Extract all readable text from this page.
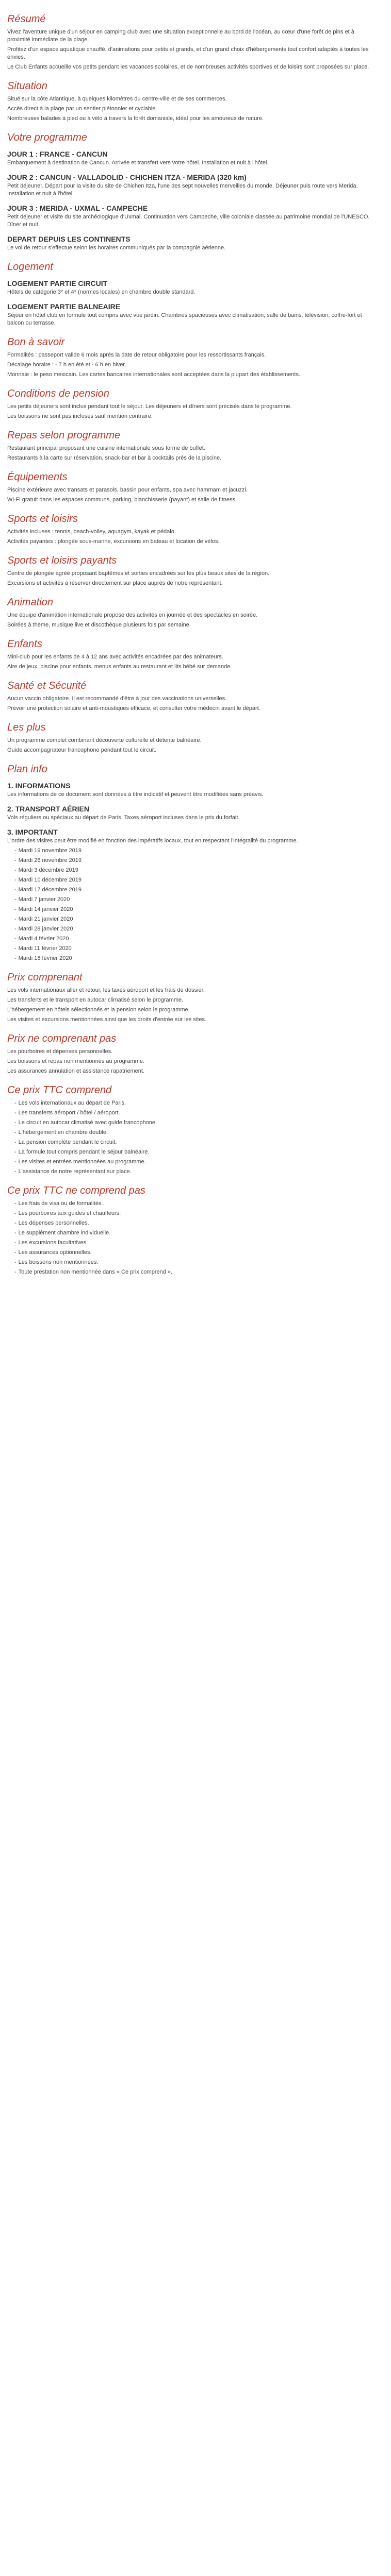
Résumé

Vivez l'aventure unique d'un séjour en camping club avec une situation exceptionnelle au bord de l'océan, au cœur d'une forêt de pins et à proximité immédiate de la plage.

Profitez d'un espace aquatique chauffé, d'animations pour petits et grands, et d'un grand choix d'hébergements tout confort adaptés à toutes les envies.

Le Club Enfants accueille vos petits pendant les vacances scolaires, et de nombreuses activités sportives et de loisirs sont proposées sur place.

Situation

Situé sur la côte Atlantique, à quelques kilomètres du centre-ville et de ses commerces.

Accès direct à la plage par un sentier piétonnier et cyclable.

Nombreuses balades à pied ou à vélo à travers la forêt domaniale, idéal pour les amoureux de nature.

Votre programme
JOUR 1 : FRANCE - CANCUN

Embarquement à destination de Cancun. Arrivée et transfert vers votre hôtel. Installation et nuit à l'hôtel.

JOUR 2 : CANCUN - VALLADOLID - CHICHEN ITZA - MERIDA (320 km)

Petit déjeuner. Départ pour la visite du site de Chichen Itza, l'une des sept nouvelles merveilles du monde. Déjeuner puis route vers Merida. Installation et nuit à l'hôtel.

JOUR 3 : MERIDA - UXMAL - CAMPECHE

Petit déjeuner et visite du site archéologique d'Uxmal. Continuation vers Campeche, ville coloniale classée au patrimoine mondial de l'UNESCO. Dîner et nuit.

DEPART DEPUIS LES CONTINENTS

Le vol de retour s'effectue selon les horaires communiqués par la compagnie aérienne.

Logement
LOGEMENT PARTIE CIRCUIT

Hôtels de catégorie 3* et 4* (normes locales) en chambre double standard.

LOGEMENT PARTIE BALNEAIRE

Séjour en hôtel club en formule tout compris avec vue jardin. Chambres spacieuses avec climatisation, salle de bains, télévision, coffre-fort et balcon ou terrasse.

Bon à savoir

Formalités : passeport valide 6 mois après la date de retour obligatoire pour les ressortissants français.

Décalage horaire : - 7 h en été et - 6 h en hiver.

Monnaie : le peso mexicain. Les cartes bancaires internationales sont acceptées dans la plupart des établissements.

Conditions de pension

Les petits déjeuners sont inclus pendant tout le séjour. Les déjeuners et dîners sont précisés dans le programme.

Les boissons ne sont pas incluses sauf mention contraire.

Repas selon programme

Restaurant principal proposant une cuisine internationale sous forme de buffet.

Restaurants à la carte sur réservation, snack-bar et bar à cocktails près de la piscine.

Équipements

Piscine extérieure avec transats et parasols, bassin pour enfants, spa avec hammam et jacuzzi.

Wi-Fi gratuit dans les espaces communs, parking, blanchisserie (payant) et salle de fitness.

Sports et loisirs

Activités incluses : tennis, beach-volley, aquagym, kayak et pédalo.

Activités payantes : plongée sous-marine, excursions en bateau et location de vélos.

Sports et loisirs payants

Centre de plongée agréé proposant baptêmes et sorties encadrées sur les plus beaux sites de la région.

Excursions et activités à réserver directement sur place auprès de notre représentant.

Animation

Une équipe d'animation internationale propose des activités en journée et des spectacles en soirée.

Soirées à thème, musique live et discothèque plusieurs fois par semaine.

Enfants

Mini-club pour les enfants de 4 à 12 ans avec activités encadrées par des animateurs.

Aire de jeux, piscine pour enfants, menus enfants au restaurant et lits bébé sur demande.

Santé et Sécurité

Aucun vaccin obligatoire. Il est recommandé d'être à jour des vaccinations universelles.

Prévoir une protection solaire et anti-moustiques efficace, et consulter votre médecin avant le départ.

Les plus

Un programme complet combinant découverte culturelle et détente balnéaire.

Guide accompagnateur francophone pendant tout le circuit.

Plan info
1. INFORMATIONS

Les informations de ce document sont données à titre indicatif et peuvent être modifiées sans préavis.

2. TRANSPORT AÉRIEN

Vols réguliers ou spéciaux au départ de Paris. Taxes aéroport incluses dans le prix du forfait.

3. IMPORTANT

L'ordre des visites peut être modifié en fonction des impératifs locaux, tout en respectant l'intégralité du programme.

- Mardi 19 novembre 2019
- Mardi 26 novembre 2019
- Mardi 3 décembre 2019
- Mardi 10 décembre 2019
- Mardi 17 décembre 2019
- Mardi 7 janvier 2020
- Mardi 14 janvier 2020
- Mardi 21 janvier 2020
- Mardi 28 janvier 2020
- Mardi 4 février 2020
- Mardi 11 février 2020
- Mardi 18 février 2020
Prix comprenant

Les vols internationaux aller et retour, les taxes aéroport et les frais de dossier.

Les transferts et le transport en autocar climatisé selon le programme.

L'hébergement en hôtels sélectionnés et la pension selon le programme.

Les visites et excursions mentionnées ainsi que les droits d'entrée sur les sites.

Prix ne comprenant pas

Les pourboires et dépenses personnelles.

Les boissons et repas non mentionnés au programme.

Les assurances annulation et assistance rapatriement.

Ce prix TTC comprend
- Les vols internationaux au départ de Paris.
- Les transferts aéroport / hôtel / aéroport.
- Le circuit en autocar climatisé avec guide francophone.
- L'hébergement en chambre double.
- La pension complète pendant le circuit.
- La formule tout compris pendant le séjour balnéaire.
- Les visites et entrées mentionnées au programme.
- L'assistance de notre représentant sur place.
Ce prix TTC ne comprend pas
- Les frais de visa ou de formalités.
- Les pourboires aux guides et chauffeurs.
- Les dépenses personnelles.
- Le supplément chambre individuelle.
- Les excursions facultatives.
- Les assurances optionnelles.
- Les boissons non mentionnées.
- Toute prestation non mentionnée dans « Ce prix comprend ».
